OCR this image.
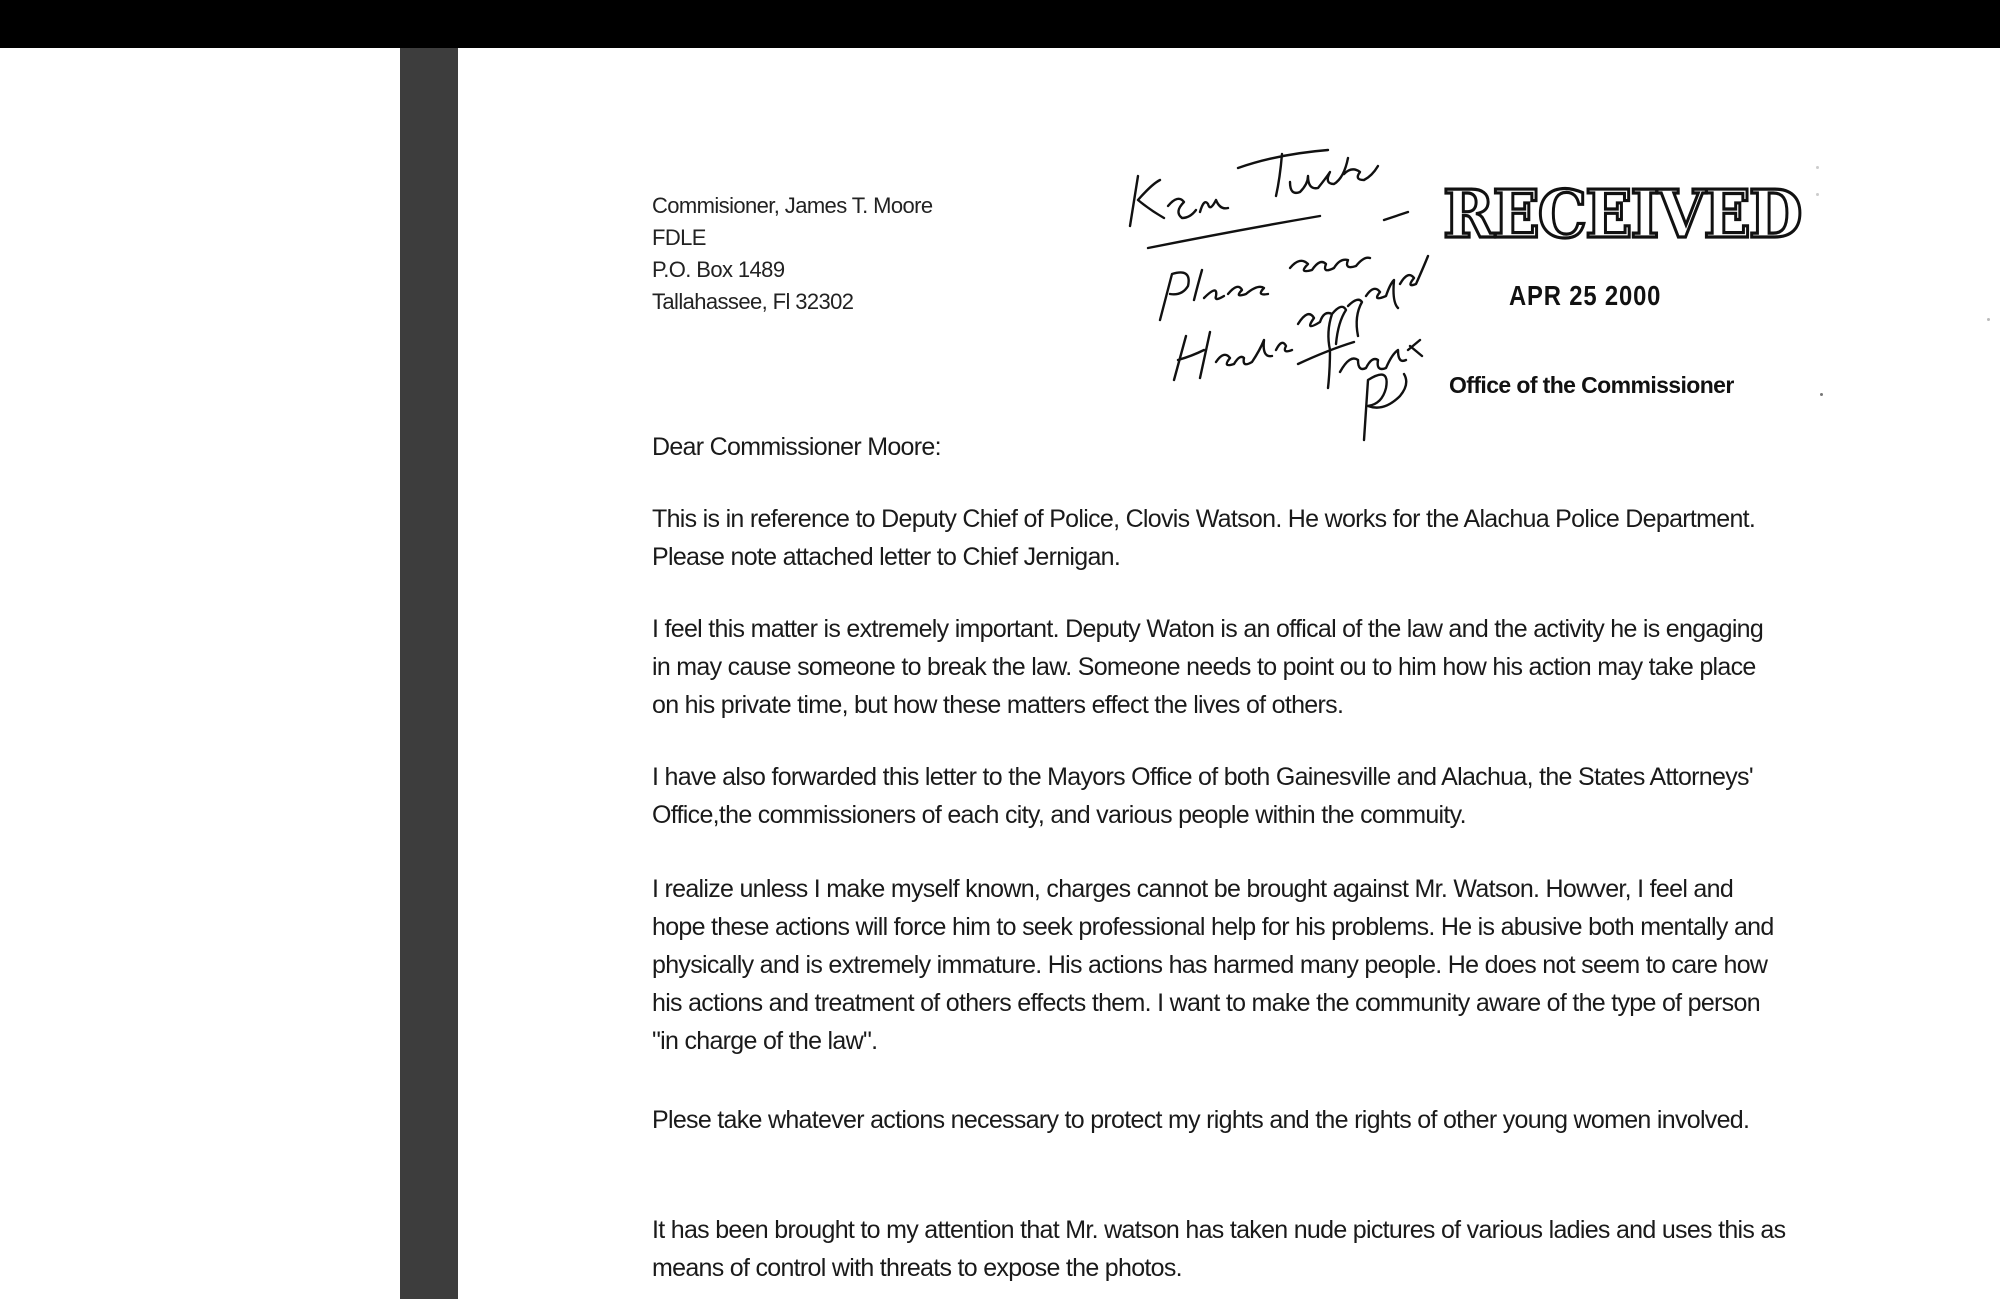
Commisioner, James T. Moore
FDLE
P.O. Box 1489
Tallahassee, Fl 32302
RECEIVED
APR 25 2000
Office of the Commissioner
Dear Commissioner Moore:

This is in reference to Deputy Chief of Police, Clovis Watson. He works for the Alachua Police Department. Please note attached letter to Chief Jernigan.

I feel this matter is extremely important. Deputy Waton is an offical of the law and the activity he is engaging in may cause someone to break the law. Someone needs to point ou to him how his action may take place on his private time, but how these matters effect the lives of others.

I have also forwarded this letter to the Mayors Office of both Gainesville and Alachua, the States Attorneys' Office,the commissioners of each city, and various people within the commuity.

I realize unless I make myself known, charges cannot be brought against Mr. Watson. Howver, I feel and hope these actions will force him to seek professional help for his problems. He is abusive both mentally and physically and is extremely immature. His actions has harmed many people. He does not seem to care how his actions and treatment of others effects them. I want to make the community aware of the type of person "in charge of the law".

Plese take whatever actions necessary to protect my rights and the rights of other young women involved.

It has been brought to my attention that Mr. watson has taken nude pictures of various ladies and uses this as means of control with threats to expose the photos.
